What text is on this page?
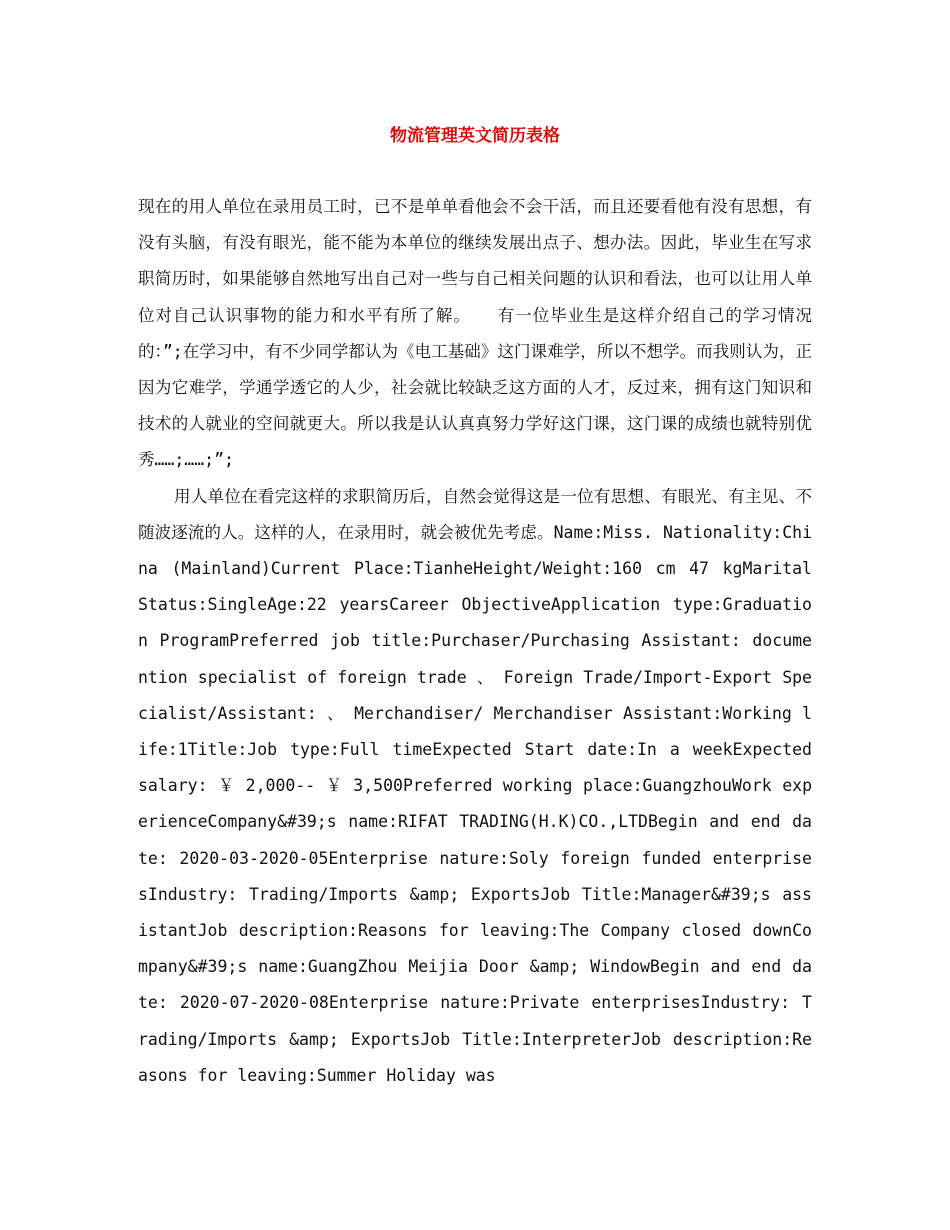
物流管理英文简历表格

现在的用人单位在录用员工时，已不是单单看他会不会干活，而且还要看他有没有思想，有没有头脑，有没有眼光，能不能为本单位的继续发展出点子、想办法。因此，毕业生在写求职简历时，如果能够自然地写出自己对一些与自己相关问题的认识和看法，也可以让用人单位对自己认识事物的能力和水平有所了解。　　有一位毕业生是这样介绍自己的学习情况的：”;在学习中，有不少同学都认为《电工基础》这门课难学，所以不想学。而我则认为，正因为它难学，学通学透它的人少，社会就比较缺乏这方面的人才，反过来，拥有这门知识和技术的人就业的空间就更大。所以我是认认真真努力学好这门课，这门课的成绩也就特别优秀……;……;”;

用人单位在看完这样的求职简历后，自然会觉得这是一位有思想、有眼光、有主见、不随波逐流的人。这样的人，在录用时，就会被优先考虑。Name:Miss. Nationality:China (Mainland)Current Place:TianheHeight/Weight:160 cm 47 kgMarital Status:SingleAge:22 yearsCareer ObjectiveApplication type:Graduation ProgramPreferred job title:Purchaser/Purchasing Assistant: documention specialist of foreign trade 、 Foreign Trade/Import-Export Specialist/Assistant: 、 Merchandiser/ Merchandiser Assistant:Working life:1Title:Job type:Full timeExpected Start date:In a weekExpected salary: ￥ 2,000-- ￥ 3,500Preferred working place:GuangzhouWork experienceCompany&#39;s name:RIFAT TRADING(H.K)CO.,LTDBegin and end date: 2020-03-2020-05Enterprise nature:Soly foreign funded enterprisesIndustry: Trading/Imports &amp; ExportsJob Title:Manager&#39;s assistantJob description:Reasons for leaving:The Company closed downCompany&#39;s name:GuangZhou Meijia Door &amp; WindowBegin and end date: 2020-07-2020-08Enterprise nature:Private enterprisesIndustry: Trading/Imports &amp; ExportsJob Title:InterpreterJob description:Reasons for leaving:Summer Holiday was
